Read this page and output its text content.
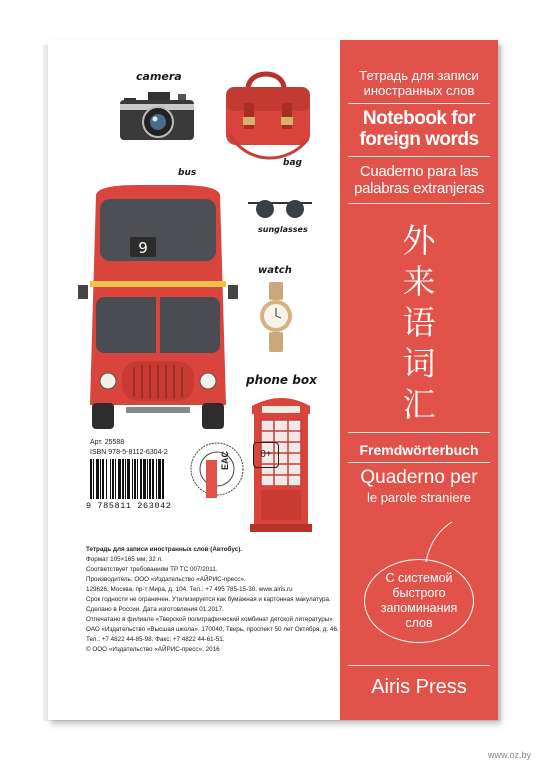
camera
bag
bus
9
sunglasses
watch
phone box
Арт. 25588
ISBN 978-5-8112-6304-2
9 785811 263042
0+
EAC
Тетрадь для записи
иностранных слов
Notebook for
foreign words
Cuaderno para las
palabras extranjeras
外
来
语
词
汇
Fremdwörterbuch
Quaderno per
le parole straniere
С системой
быстрого
запоминания
слов
Airis Press
Тетрадь для записи иностранных слов (Автобус).
Формат 105×165 мм, 32 л.
Соответствует требованиям ТР ТС 007/2011.
Производитель: ООО «Издательство «АЙРИС-пресс».
129626, Москва, пр-т Мира, д. 104. Тел.: +7 495 785-15-30. www.airis.ru
Срок годности не ограничен. Утилизируется как бумажная и картонная макулатура.
Сделано в России. Дата изготовления 01.2017.
Отпечатано в филиале «Тверской полиграфический комбинат детской литературы»
ОАО «Издательство «Высшая школа». 170040, Тверь, проспект 50 лет Октября, д. 46.
Тел.: +7 4822 44-85-98. Факс: +7 4822 44-61-51.
© ООО «Издательство «АЙРИС-пресс», 2016
www.oz.by
